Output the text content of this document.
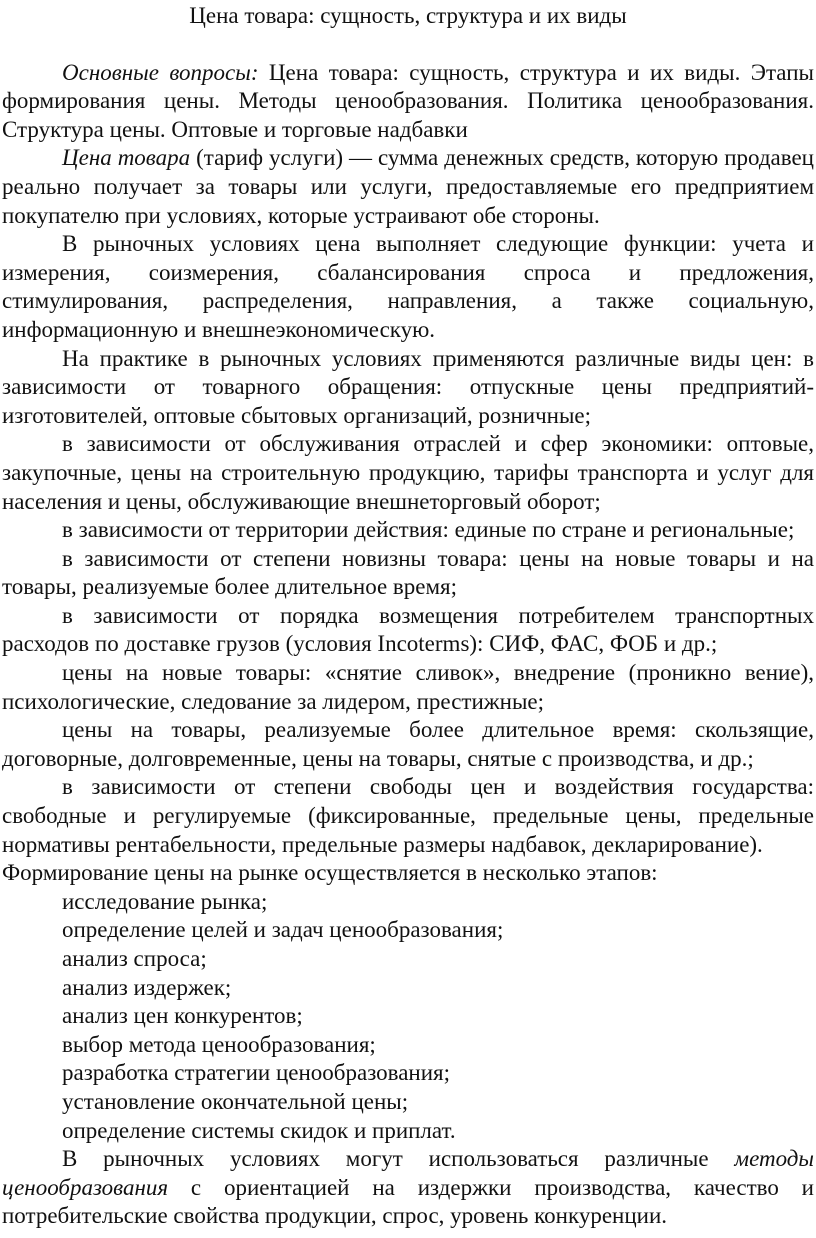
Цена товара: сущность, структура и их виды

Основные вопросы: Цена товара: сущность, структура и их виды. Этапы формирования цены. Методы ценообразования. Политика ценообразования. Структура цены. Оптовые и торговые надбавки

Цена товара (тариф услуги) — сумма денежных средств, которую продавец реально получает за товары или услуги, предоставляемые его предприятием покупателю при условиях, которые устраивают обе стороны.

В рыночных условиях цена выполняет следующие функции: учета и измерения, соизмерения, сбалансирования спроса и предложения, стимулирования, распределения, направления, а также социальную, информационную и внешнеэкономическую.

На практике в рыночных условиях применяются различные виды цен: в зависимости от товарного обращения: отпускные цены предприятий-изготовителей, оптовые сбытовых организаций, розничные;

в зависимости от обслуживания отраслей и сфер экономики: оптовые, закупочные, цены на строительную продукцию, тарифы транспорта и услуг для населения и цены, обслуживающие внешнеторговый оборот;

в зависимости от территории действия: единые по стране и региональные;

в зависимости от степени новизны товара: цены на новые товары и на товары, реализуемые более длительное время;

в зависимости от порядка возмещения потребителем транспортных расходов по доставке грузов (условия Incoterms): СИФ, ФАС, ФОБ и др.;

цены на новые товары: «снятие сливок», внедрение (проникно вение), психологические, следование за лидером, престижные;

цены на товары, реализуемые более длительное время: скользящие, договорные, долговременные, цены на товары, снятые с производства, и др.;

в зависимости от степени свободы цен и воздействия государства: свободные и регулируемые (фиксированные, предельные цены, предельные нормативы рентабельности, предельные размеры надбавок, декларирование).

Формирование цены на рынке осуществляется в несколько этапов:

исследование рынка;
определение целей и задач ценообразования;
анализ спроса;
анализ издержек;
анализ цен конкурентов;
выбор метода ценообразования;
разработка стратегии ценообразования;
установление окончательной цены;
определение системы скидок и приплат.

В рыночных условиях могут использоваться различные методы ценообразования с ориентацией на издержки производства, качество и потребительские свойства продукции, спрос, уровень конкуренции.
